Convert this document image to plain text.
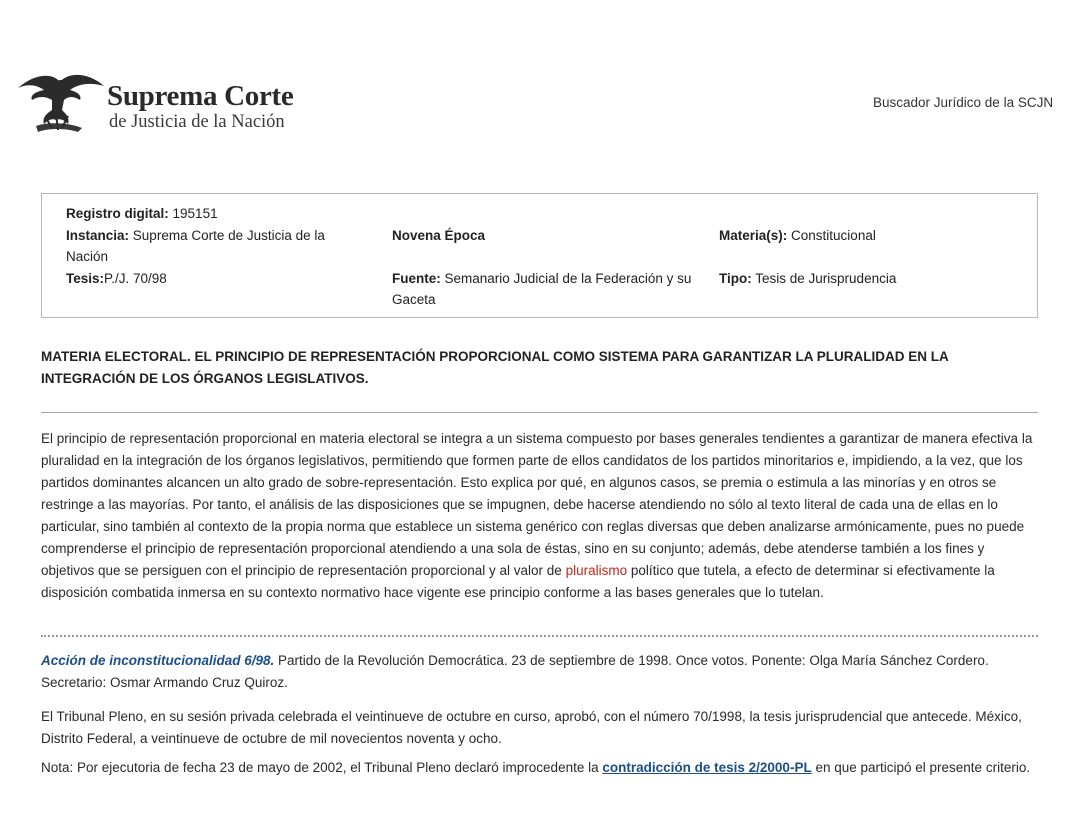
Suprema Corte
de Justicia de la Nación
Buscador Jurídico de la SCJN
Registro digital: 195151
Instancia: Suprema Corte de Justicia de la Nación
Tesis:P./J. 70/98
Novena Época
Fuente: Semanario Judicial de la Federación y su Gaceta
Materia(s): Constitucional
Tipo: Tesis de Jurisprudencia
MATERIA ELECTORAL. EL PRINCIPIO DE REPRESENTACIÓN PROPORCIONAL COMO SISTEMA PARA GARANTIZAR LA PLURALIDAD EN LA INTEGRACIÓN DE LOS ÓRGANOS LEGISLATIVOS.
El principio de representación proporcional en materia electoral se integra a un sistema compuesto por bases generales tendientes a garantizar de manera efectiva la pluralidad en la integración de los órganos legislativos, permitiendo que formen parte de ellos candidatos de los partidos minoritarios e, impidiendo, a la vez, que los partidos dominantes alcancen un alto grado de sobre-representación. Esto explica por qué, en algunos casos, se premia o estimula a las minorías y en otros se restringe a las mayorías. Por tanto, el análisis de las disposiciones que se impugnen, debe hacerse atendiendo no sólo al texto literal de cada una de ellas en lo particular, sino también al contexto de la propia norma que establece un sistema genérico con reglas diversas que deben analizarse armónicamente, pues no puede comprenderse el principio de representación proporcional atendiendo a una sola de éstas, sino en su conjunto; además, debe atenderse también a los fines y objetivos que se persiguen con el principio de representación proporcional y al valor de pluralismo político que tutela, a efecto de determinar si efectivamente la disposición combatida inmersa en su contexto normativo hace vigente ese principio conforme a las bases generales que lo tutelan.
Acción de inconstitucionalidad 6/98. Partido de la Revolución Democrática. 23 de septiembre de 1998. Once votos. Ponente: Olga María Sánchez Cordero. Secretario: Osmar Armando Cruz Quiroz.
El Tribunal Pleno, en su sesión privada celebrada el veintinueve de octubre en curso, aprobó, con el número 70/1998, la tesis jurisprudencial que antecede. México, Distrito Federal, a veintinueve de octubre de mil novecientos noventa y ocho.
Nota: Por ejecutoria de fecha 23 de mayo de 2002, el Tribunal Pleno declaró improcedente la contradicción de tesis 2/2000-PL en que participó el presente criterio.
